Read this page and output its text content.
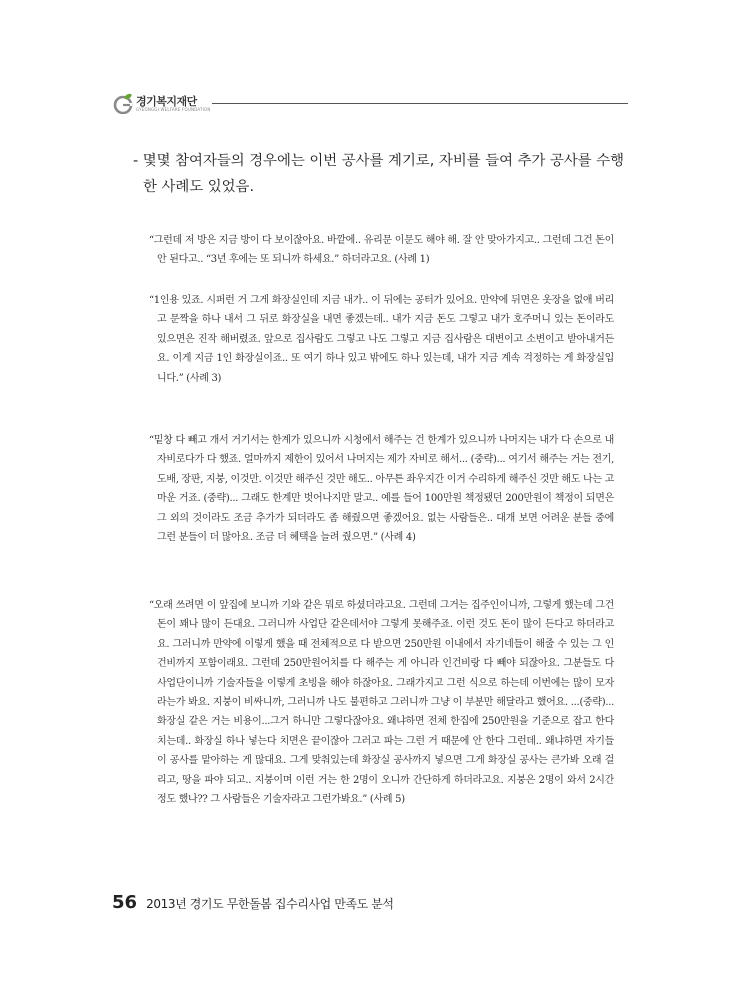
경기복지재단
GYEONGGI WELFARE FOUNDATION
- 몇몇 참여자들의 경우에는 이번 공사를 계기로, 자비를 들여 추가 공사를 수행한 사례도 있었음.
“그런데 저 방은 지금 방이 다 보이잖아요. 바깥에.. 유리문 이문도 해야 해. 잘 안 맞아가지고.. 그런데 그건 돈이 안 된다고.. “3년 후에는 또 되니까 하세요.” 하더라고요. (사례 1)
“1인용 있죠. 시퍼런 거 그게 화장실인데 지금 내가.. 이 뒤에는 공터가 있어요. 만약에 뒤면은 옷장을 없애 버리고 문짝을 하나 내서 그 뒤로 화장실을 내면 좋겠는데.. 내가 지금 돈도 그렇고 내가 호주머니 있는 돈이라도 있으면은 진작 해버렸죠. 앞으로 집사람도 그렇고 나도 그렇고 지금 집사람은 대변이고 소변이고 받아내거든요. 이게 지금 1인 화장실이죠.. 또 여기 하나 있고 밖에도 하나 있는데, 내가 지금 계속 걱정하는 게 화장실입니다.” (사례 3)
“밑창 다 빼고 개서 거기서는 한계가 있으니까 시청에서 해주는 건 한계가 있으니까 나머지는 내가 다 손으로 내 자비로다가 다 했죠. 얼마까지 제한이 있어서 나머지는 제가 자비로 해서... (중략)... 여기서 해주는 거는 전기, 도배, 장판, 지붕, 이것만. 이것만 해주신 것만 해도.. 아무튼 좌우지간 이거 수리하게 해주신 것만 해도 나는 고마운 거죠. (중략)... 그래도 한계만 벗어나지만 말고.. 예를 들어 100만원 책정됐던 200만원이 책정이 되면은 그 외의 것이라도 조금 추가가 되더라도 좀 해줬으면 좋겠어요. 없는 사람들은.. 대개 보면 어려운 분들 중에 그런 분들이 더 많아요. 조금 더 혜택을 늘려 줬으면.” (사례 4)
“오래 쓰려면 이 앞집에 보니까 기와 같은 뭐로 하셨더라고요. 그런데 그거는 집주인이니까, 그렇게 했는데 그건 돈이 꽤나 많이 든대요. 그러니까 사업단 같은데서야 그렇게 못해주죠. 이런 것도 돈이 많이 든다고 하더라고요. 그러니까 만약에 이렇게 했을 때 전체적으로 다 받으면 250만원 이내에서 자기네들이 해줄 수 있는 그 인건비까지 포함이래요. 그런데 250만원어치를 다 해주는 게 아니라 인건비랑 다 빼야 되잖아요. 그분들도 다 사업단이니까 기술자들을 이렇게 초빙을 해야 하잖아요. 그래가지고 그런 식으로 하는데 이번에는 많이 모자라는가 봐요. 지붕이 비싸니까, 그러니까 나도 불편하고 그러니까 그냥 이 부분만 해달라고 했어요. ...(중략)... 화장실 같은 거는 비용이...그거 하니만 그렇다잖아요. 왜냐하면 전체 한집에 250만원을 기준으로 잡고 한다 치는데.. 화장실 하나 넣는다 치면은 끝이잖아 그러고 파는 그런 거 때문에 안 한다 그런데.. 왜냐하면 자기들이 공사를 맡아하는 게 많대요. 그게 맞춰있는데 화장실 공사까지 넣으면 그게 화장실 공사는 큰가봐 오래 걸리고, 땅을 파야 되고.. 지붕이며 이런 거는 한 2명이 오니까 간단하게 하더라고요. 지붕은 2명이 와서 2시간 정도 했나?? 그 사람들은 기술자라고 그런가봐요.” (사례 5)
56 2013년 경기도 무한돌봄 집수리사업 만족도 분석
